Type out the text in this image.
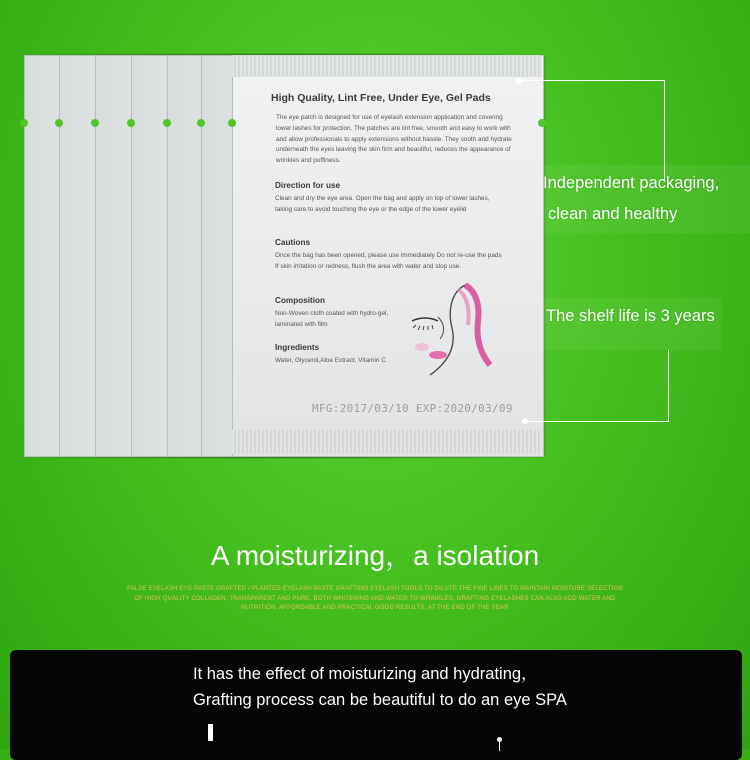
High Quality, Lint Free, Under Eye, Gel Pads
The eye patch is designed for use of eyelash extension application and covering lower lashes for protection. The patches are lint free, smooth and easy to work with and allow professionals to apply extensions without hassle. They sooth and hydrate underneath the eyes leaving the skin firm and beautiful, reduces the appearance of wrinkles and puffiness.
Direction for use
Clean and dry the eye area. Open the bag and apply on top of lower lashes, taking care to avoid touching the eye or the edge of the lower eyelid
Cautions
Once the bag has been opened, please use immediately Do not re-use the pads If skin irritation or redness, flush the area with water and stop use.
Composition
Non-Woven cloth coated with hydro-gel, laminated with film
Ingredients
Water, Glycerol,Aloe Extract, Vitamin C
MFG:2017/03/10 EXP:2020/03/09
Independent packaging,
clean and healthy
The shelf life is 3 years
A moisturizing，a isolation
FALSE EYELASH EYE PASTE GRAFTED / PLANTED EYELASH PASTE GRAFTING EYELASH TOOLS TO DILUTE THE FINE LINES TO MAINTAIN MOISTURE SELECTION OF HIGH QUALITY COLLAGEN, TRANSPARENT AND PURE, BOTH WHITENING AND WATER TO WRINKLES, GRAFTING EYELASHES CAN ALSO ADD WATER AND NUTRITION, AFFORDABLE AND PRACTICAL GOOD RESULTS, AT THE END OF THE YEAR
It has the effect of moisturizing and hydrating，
Grafting process can be beautiful to do an eye SPA
